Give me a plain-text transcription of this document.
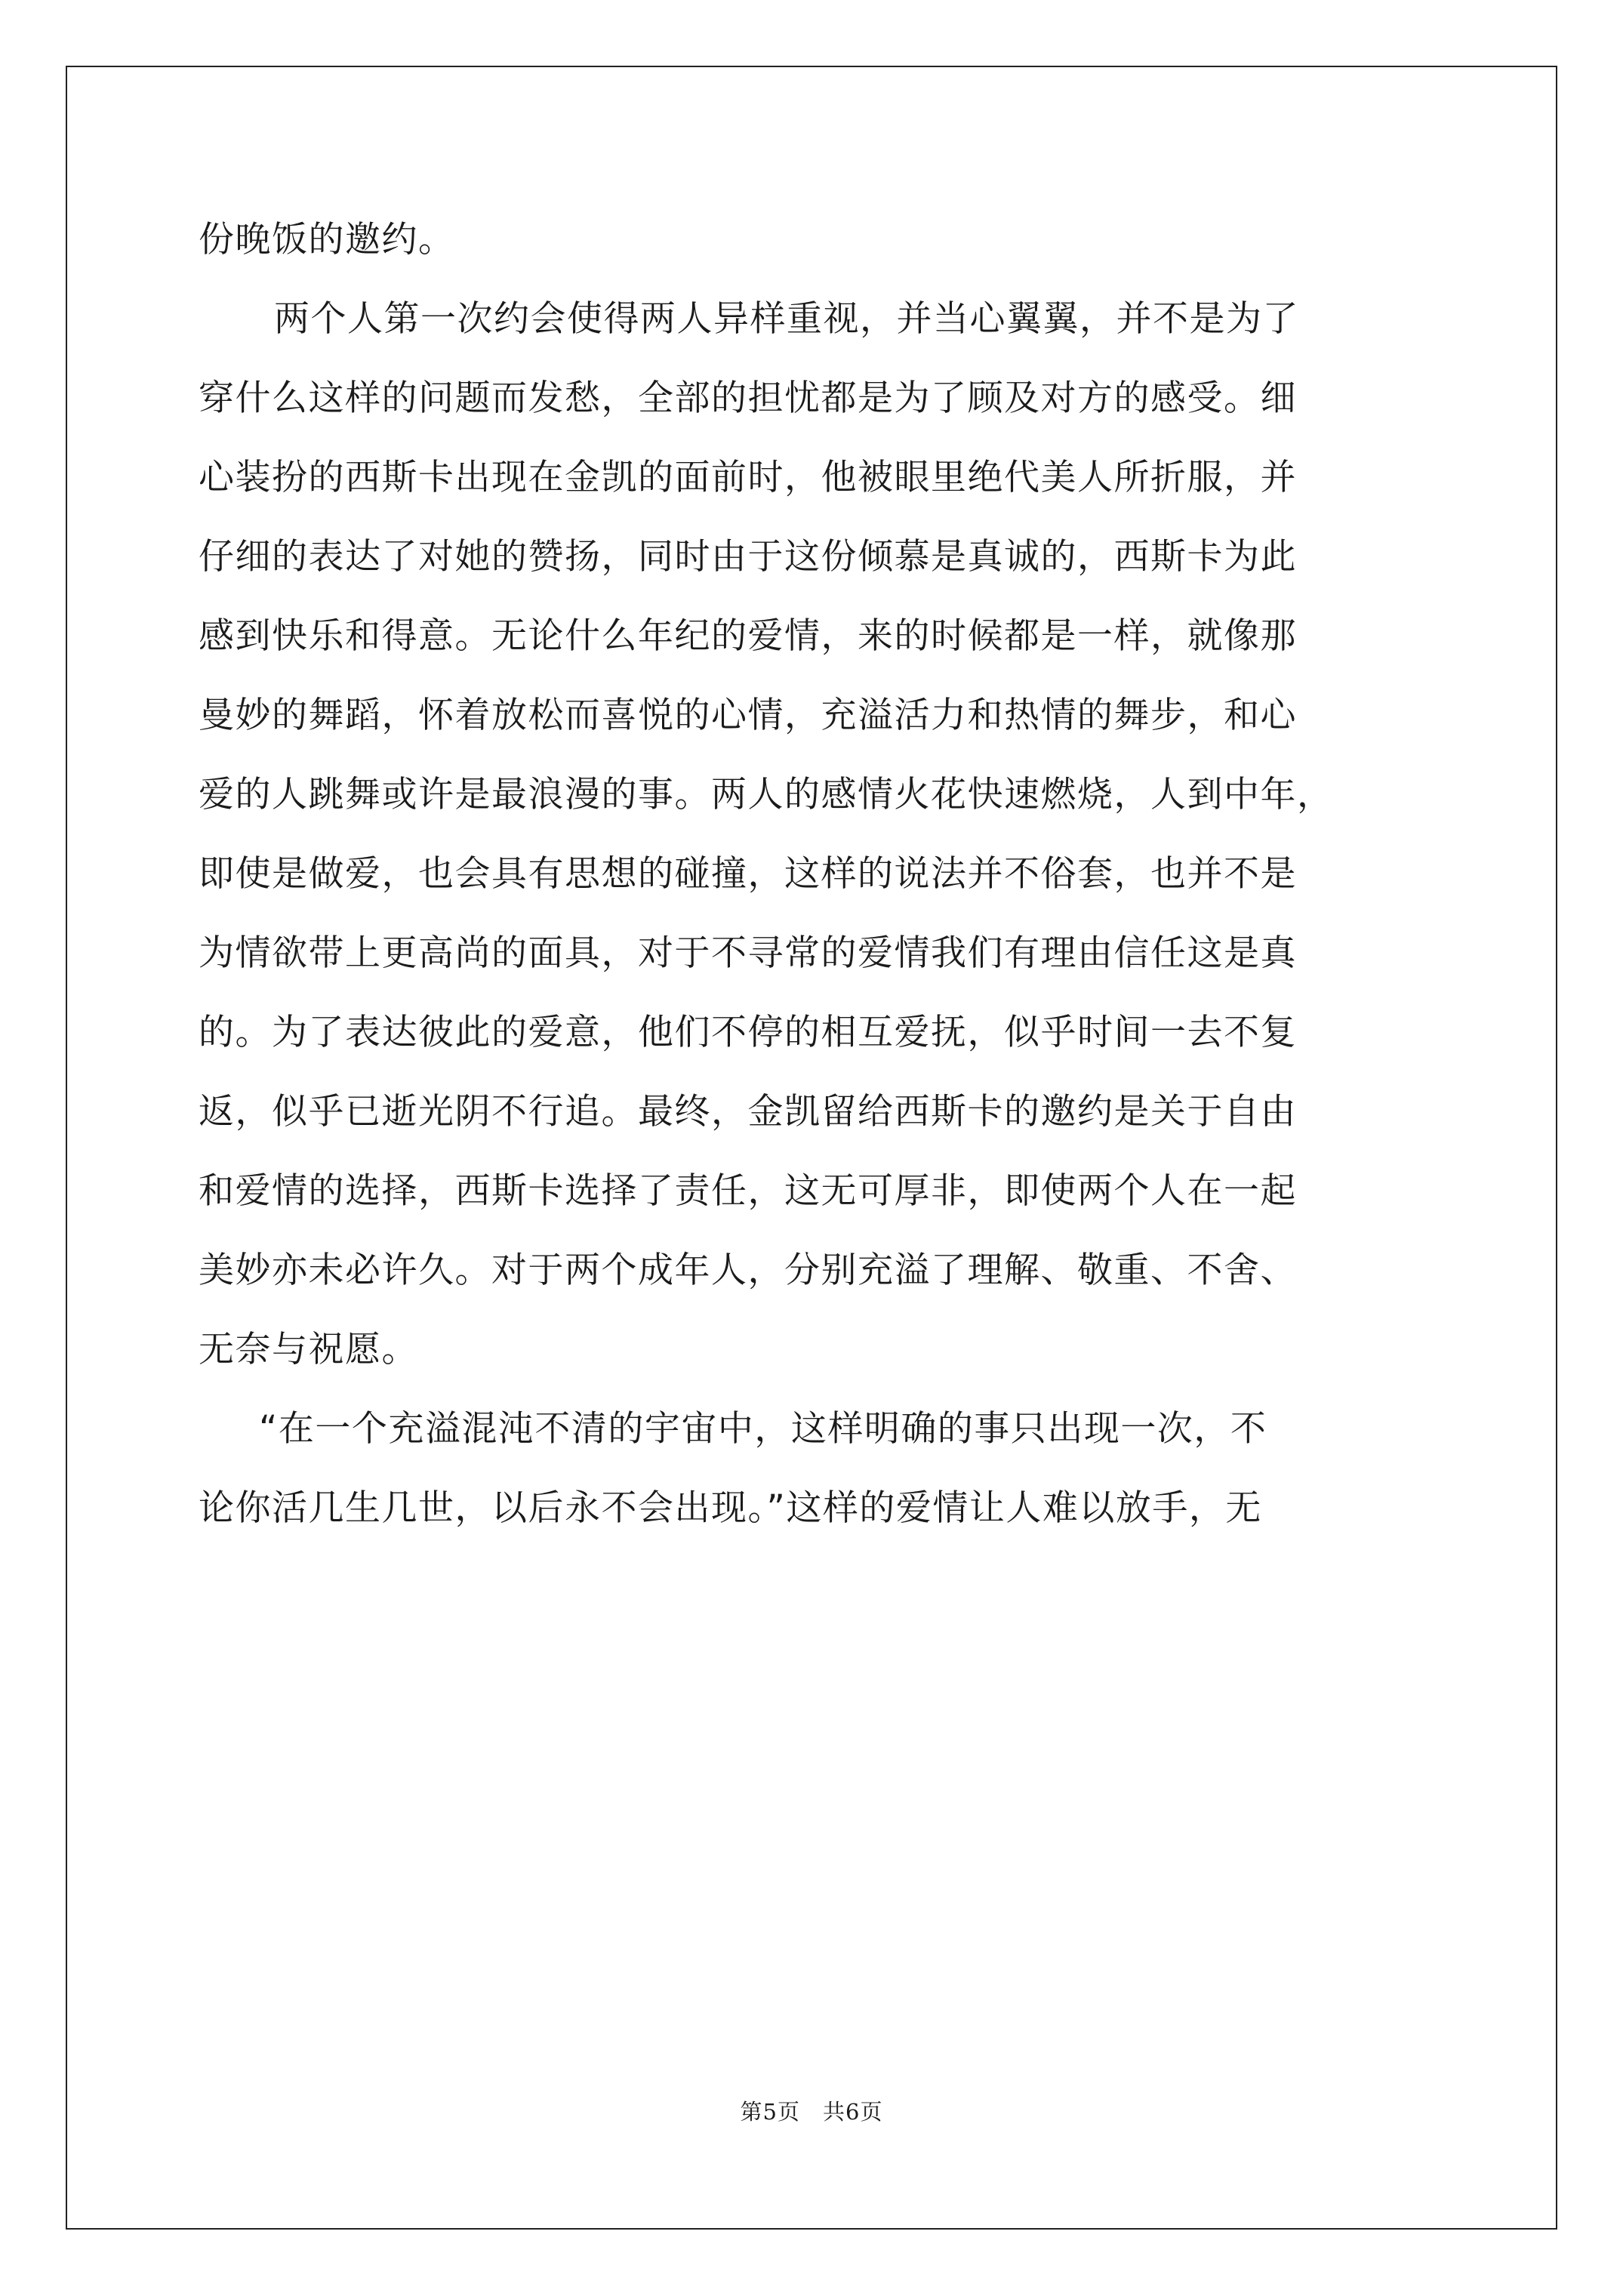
份晚饭的邀约。
两个人第一次约会使得两人异样重视，并当心翼翼，并不是为了
穿什么这样的问题而发愁，全部的担忧都是为了顾及对方的感受。细
心装扮的西斯卡出现在金凯的面前时，他被眼里绝代美人所折服，并
仔细的表达了对她的赞扬，同时由于这份倾慕是真诚的，西斯卡为此
感到快乐和得意。无论什么年纪的爱情，来的时候都是一样，就像那
曼妙的舞蹈，怀着放松而喜悦的心情，充溢活力和热情的舞步，和心
爱的人跳舞或许是最浪漫的事。两人的感情火花快速燃烧，人到中年，
即使是做爱，也会具有思想的碰撞，这样的说法并不俗套，也并不是
为情欲带上更高尚的面具，对于不寻常的爱情我们有理由信任这是真
的。为了表达彼此的爱意，他们不停的相互爱抚，似乎时间一去不复
返，似乎已逝光阴不行追。最终，金凯留给西斯卡的邀约是关于自由
和爱情的选择，西斯卡选择了责任，这无可厚非，即使两个人在一起
美妙亦未必许久。对于两个成年人，分别充溢了理解、敬重、不舍、
无奈与祝愿。
“在一个充溢混沌不清的宇宙中，这样明确的事只出现一次，不
论你活几生几世，以后永不会出现。”这样的爱情让人难以放手，无
第5页　共6页
